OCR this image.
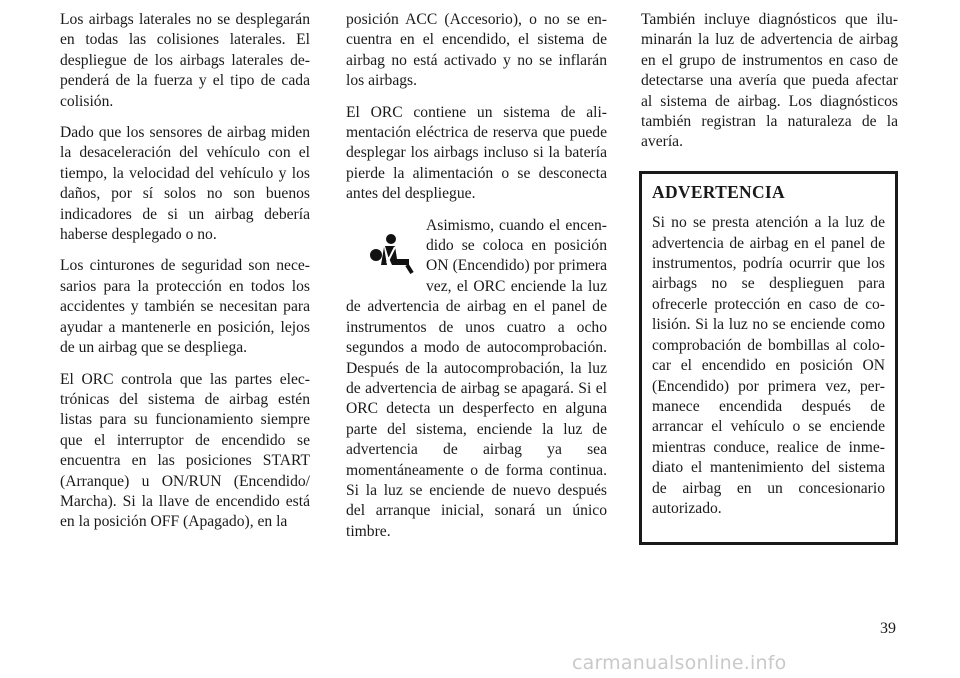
Los airbags laterales no se desplegarán en todas las colisiones laterales. El despliegue de los airbags laterales dependerá de la fuerza y el tipo de cada colisión.

Dado que los sensores de airbag miden la desaceleración del vehículo con el tiempo, la velocidad del vehículo y los daños, por sí solos no son buenos indicadores de si un airbag debería haberse desplegado o no.

Los cinturones de seguridad son necesarios para la protección en todos los accidentes y también se necesitan para ayudar a mantenerle en posición, lejos de un airbag que se despliega.

El ORC controla que las partes electrónicas del sistema de airbag estén listas para su funcionamiento siempre que el interruptor de encendido se encuentra en las posiciones START (Arranque) u ON/RUN (Encendido/ Marcha). Si la llave de encendido está en la posición OFF (Apagado), en la

posición ACC (Accesorio), o no se encuentra en el encendido, el sistema de airbag no está activado y no se inflarán los airbags.

El ORC contiene un sistema de alimentación eléctrica de reserva que puede desplegar los airbags incluso si la batería pierde la alimentación o se desconecta antes del despliegue.

Asimismo, cuando el encendido se coloca en posición ON (Encendido) por primera vez, el ORC enciende la luz de advertencia de airbag en el panel de instrumentos de unos cuatro a ocho segundos a modo de autocomprobación. Después de la autocomprobación, la luz de advertencia de airbag se apagará. Si el ORC detecta un desperfecto en alguna parte del sistema, enciende la luz de advertencia de airbag ya sea momentáneamente o de forma continua. Si la luz se enciende de nuevo después del arranque inicial, sonará un único timbre.

También incluye diagnósticos que iluminarán la luz de advertencia de airbag en el grupo de instrumentos en caso de detectarse una avería que pueda afectar al sistema de airbag. Los diagnósticos también registran la naturaleza de la avería.

ADVERTENCIA

Si no se presta atención a la luz de advertencia de airbag en el panel de instrumentos, podría ocurrir que los airbags no se desplieguen para ofrecerle protección en caso de colisión. Si la luz no se enciende como comprobación de bombillas al colocar el encendido en posición ON (Encendido) por primera vez, permanece encendida después de arrancar el vehículo o se enciende mientras conduce, realice de inmediato el mantenimiento del sistema de airbag en un concesionario autorizado.

39
carmanualsonline.info
